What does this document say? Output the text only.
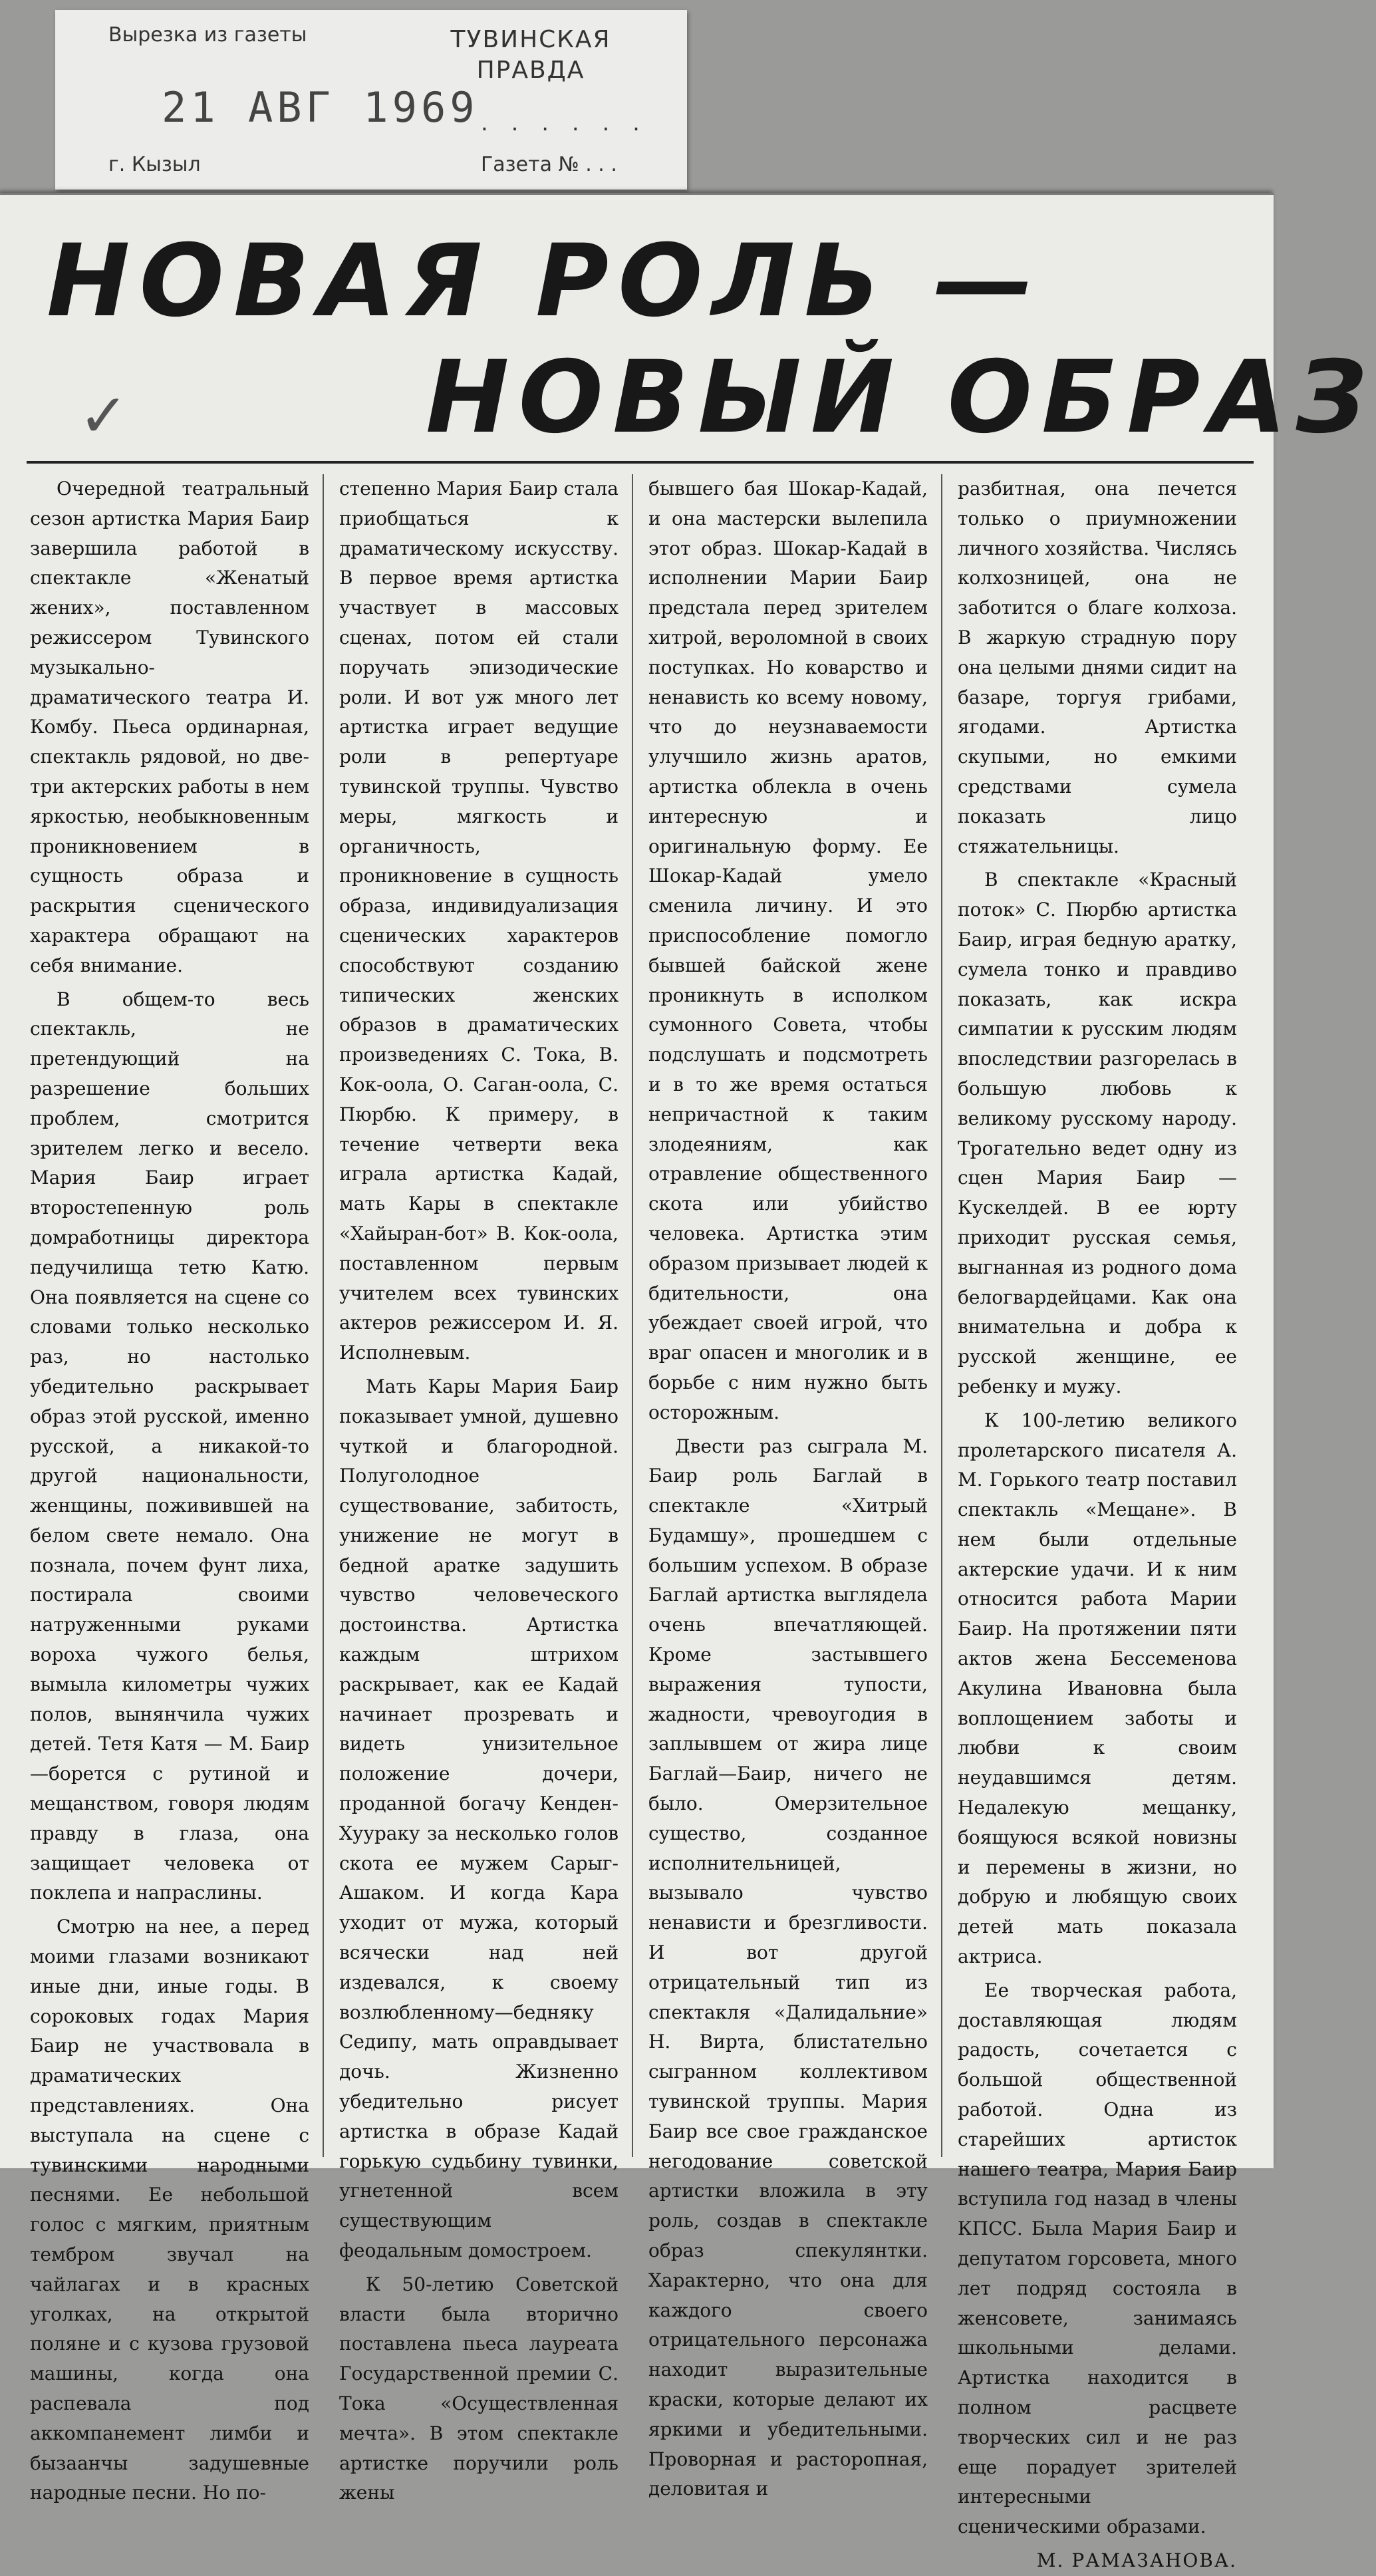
Вырезка из газеты	ТУВИНСКАЯ ПРАВДА
21 АВГ 1969 . . . . . .
г. Кызыл	Газета № . . .
НОВАЯ РОЛЬ —
НОВЫЙ ОБРАЗ
✓

Очередной театральный сезон артистка Мария Баир завершила работой в спектакле «Женатый жених», поставленном режиссером Тувинского музыкально-драматического театра И. Комбу. Пьеса ординарная, спектакль рядовой, но две-три актерских работы в нем яркостью, необыкновенным проникновением в сущность образа и раскрытия сценического характера обращают на себя внимание.

В общем-то весь спектакль, не претендующий на разрешение больших проблем, смотрится зрителем легко и весело. Мария Баир играет второстепенную роль домработницы директора педучилища тетю Катю. Она появляется на сцене со словами только несколько раз, но настолько убедительно раскрывает образ этой русской, именно русской, а никакой-то другой национальности, женщины, поживившей на белом свете немало. Она познала, почем фунт лиха, постирала своими натруженными руками вороха чужого белья, вымыла километры чужих полов, вынянчила чужих детей. Тетя Катя — М. Баир—борется с рутиной и мещанством, говоря людям правду в глаза, она защищает человека от поклепа и напраслины.

Смотрю на нее, а перед моими глазами возникают иные дни, иные годы. В сороковых годах Мария Баир не участвовала в драматических представлениях. Она выступала на сцене с тувинскими народными песнями. Ее небольшой голос с мягким, приятным тембром звучал на чайлагах и в красных уголках, на открытой поляне и с кузова грузовой машины, когда она распевала под аккомпанемент лимби и бызаанчы задушевные народные песни. Но по-

степенно Мария Баир стала приобщаться к драматическому искусству. В первое время артистка участвует в массовых сценах, потом ей стали поручать эпизодические роли. И вот уж много лет артистка играет ведущие роли в репертуаре тувинской труппы. Чувство меры, мягкость и органичность, проникновение в сущность образа, индивидуализация сценических характеров способствуют созданию типических женских образов в драматических произведениях С. Тока, В. Кок-оола, О. Саган-оола, С. Пюрбю. К примеру, в течение четверти века играла артистка Кадай, мать Кары в спектакле «Хайыран-бот» В. Кок-оола, поставленном первым учителем всех тувинских актеров режиссером И. Я. Исполневым.

Мать Кары Мария Баир показывает умной, душевно чуткой и благородной. Полуголодное существование, забитость, унижение не могут в бедной аратке задушить чувство человеческого достоинства. Артистка каждым штрихом раскрывает, как ее Кадай начинает прозревать и видеть унизительное положение дочери, проданной богачу Кенден-Хуураку за несколько голов скота ее мужем Сарыг-Ашаком. И когда Кара уходит от мужа, который всячески над ней издевался, к своему возлюбленному—бедняку Седипу, мать оправдывает дочь. Жизненно убедительно рисует артистка в образе Кадай горькую судьбину тувинки, угнетенной всем существующим феодальным домостроем.

К 50-летию Советской власти была вторично поставлена пьеса лауреата Государственной премии С. Тока «Осуществленная мечта». В этом спектакле артистке поручили роль жены

бывшего бая Шокар-Кадай, и она мастерски вылепила этот образ. Шокар-Кадай в исполнении Марии Баир предстала перед зрителем хитрой, вероломной в своих поступках. Но коварство и ненависть ко всему новому, что до неузнаваемости улучшило жизнь аратов, артистка облекла в очень интересную и оригинальную форму. Ее Шокар-Кадай умело сменила личину. И это приспособление помогло бывшей байской жене проникнуть в исполком сумонного Совета, чтобы подслушать и подсмотреть и в то же время остаться непричастной к таким злодеяниям, как отравление общественного скота или убийство человека. Артистка этим образом призывает людей к бдительности, она убеждает своей игрой, что враг опасен и многолик и в борьбе с ним нужно быть осторожным.

Двести раз сыграла М. Баир роль Баглай в спектакле «Хитрый Будамшу», прошедшем с большим успехом. В образе Баглай артистка выглядела очень впечатляющей. Кроме застывшего выражения тупости, жадности, чревоугодия в заплывшем от жира лице Баглай—Баир, ничего не было. Омерзительное существо, созданное исполнительницей, вызывало чувство ненависти и брезгливости. И вот другой отрицательный тип из спектакля «Далидальние» Н. Вирта, блистательно сыгранном коллективом тувинской труппы. Мария Баир все свое гражданское негодование советской артистки вложила в эту роль, создав в спектакле образ спекулянтки. Характерно, что она для каждого своего отрицательного персонажа находит выразительные краски, которые делают их яркими и убедительными. Проворная и расторопная, деловитая и

разбитная, она печется только о приумножении личного хозяйства. Числясь колхозницей, она не заботится о благе колхоза. В жаркую страдную пору она целыми днями сидит на базаре, торгуя грибами, ягодами. Артистка скупыми, но емкими средствами сумела показать лицо стяжательницы.

В спектакле «Красный поток» С. Пюрбю артистка Баир, играя бедную аратку, сумела тонко и правдиво показать, как искра симпатии к русским людям впоследствии разгорелась в большую любовь к великому русскому народу. Трогательно ведет одну из сцен Мария Баир — Кускелдей. В ее юрту приходит русская семья, выгнанная из родного дома белогвардейцами. Как она внимательна и добра к русской женщине, ее ребенку и мужу.

К 100-летию великого пролетарского писателя А. М. Горького театр поставил спектакль «Мещане». В нем были отдельные актерские удачи. И к ним относится работа Марии Баир. На протяжении пяти актов жена Бессеменова Акулина Ивановна была воплощением заботы и любви к своим неудавшимся детям. Недалекую мещанку, боящуюся всякой новизны и перемены в жизни, но добрую и любящую своих детей мать показала актриса.

Ее творческая работа, доставляющая людям радость, сочетается с большой общественной работой. Одна из старейших артисток нашего театра, Мария Баир вступила год назад в члены КПСС. Была Мария Баир и депутатом горсовета, много лет подряд состояла в женсовете, занимаясь школьными делами. Артистка находится в полном расцвете творческих сил и не раз еще порадует зрителей интересными сценическими образами.

М. РАМАЗАНОВА.
